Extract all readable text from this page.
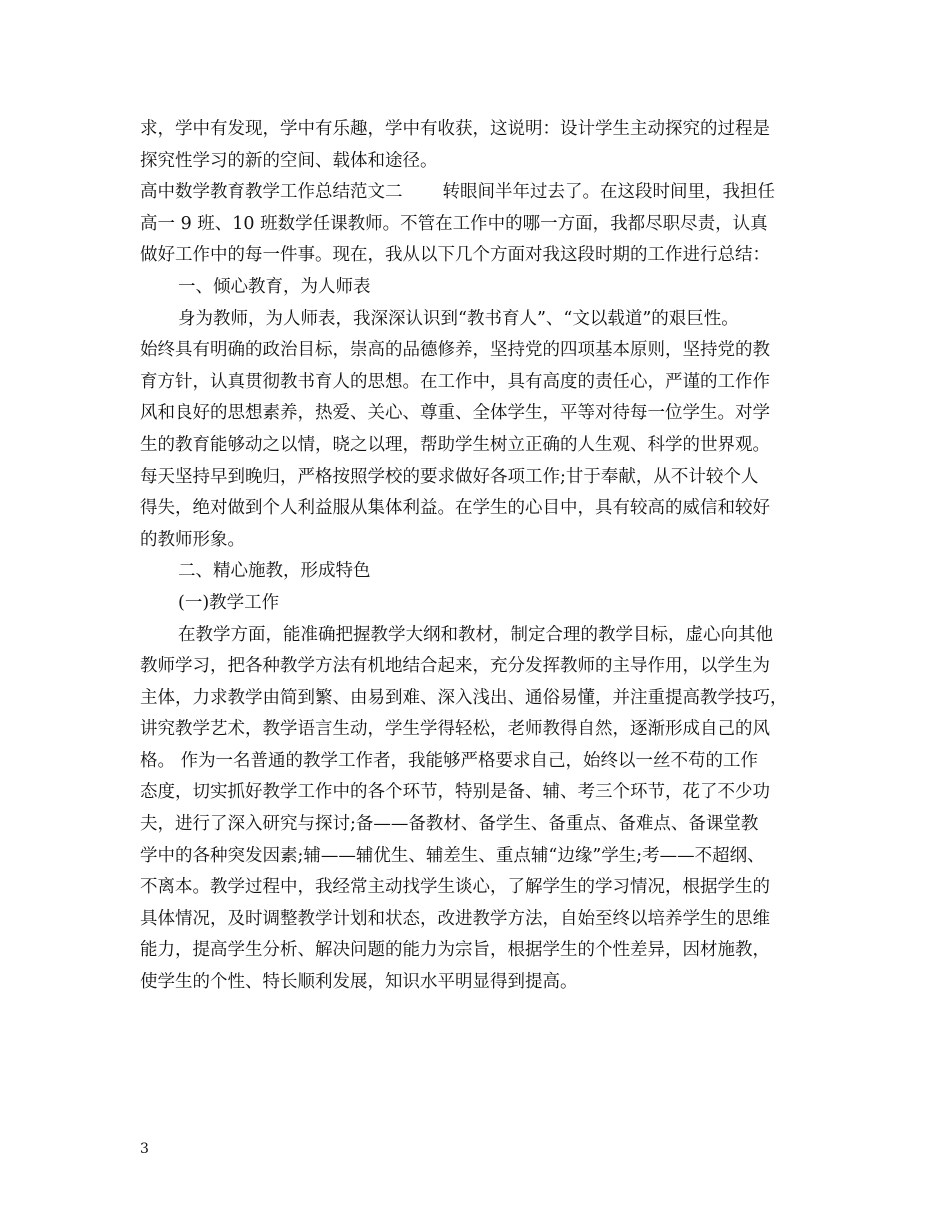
求，学中有发现，学中有乐趣，学中有收获，这说明：设计学生主动探究的过程是
探究性学习的新的空间、载体和途径。
高中数学教育教学工作总结范文二 转眼间半年过去了。在这段时间里，我担任
高一 9 班、10 班数学任课教师。不管在工作中的哪一方面，我都尽职尽责，认真
做好工作中的每一件事。现在，我从以下几个方面对我这段时期的工作进行总结：
一、倾心教育，为人师表
身为教师，为人师表，我深深认识到“教书育人”、“文以载道”的艰巨性。
始终具有明确的政治目标，崇高的品德修养，坚持党的四项基本原则，坚持党的教
育方针，认真贯彻教书育人的思想。在工作中，具有高度的责任心，严谨的工作作
风和良好的思想素养，热爱、关心、尊重、全体学生，平等对待每一位学生。对学
生的教育能够动之以情，晓之以理，帮助学生树立正确的人生观、科学的世界观。
每天坚持早到晚归，严格按照学校的要求做好各项工作;甘于奉献，从不计较个人
得失，绝对做到个人利益服从集体利益。在学生的心目中，具有较高的威信和较好
的教师形象。
二、精心施教，形成特色
(一)教学工作
在教学方面，能准确把握教学大纲和教材，制定合理的教学目标，虚心向其他
教师学习，把各种教学方法有机地结合起来，充分发挥教师的主导作用，以学生为
主体，力求教学由简到繁、由易到难、深入浅出、通俗易懂，并注重提高教学技巧，
讲究教学艺术，教学语言生动，学生学得轻松，老师教得自然，逐渐形成自己的风
格。 作为一名普通的教学工作者，我能够严格要求自己，始终以一丝不苟的工作
态度，切实抓好教学工作中的各个环节，特别是备、辅、考三个环节，花了不少功
夫，进行了深入研究与探讨;备——备教材、备学生、备重点、备难点、备课堂教
学中的各种突发因素;辅——辅优生、辅差生、重点辅“边缘”学生;考——不超纲、
不离本。教学过程中，我经常主动找学生谈心，了解学生的学习情况，根据学生的
具体情况，及时调整教学计划和状态，改进教学方法，自始至终以培养学生的思维
能力，提高学生分析、解决问题的能力为宗旨，根据学生的个性差异，因材施教，
使学生的个性、特长顺利发展，知识水平明显得到提高。
3
